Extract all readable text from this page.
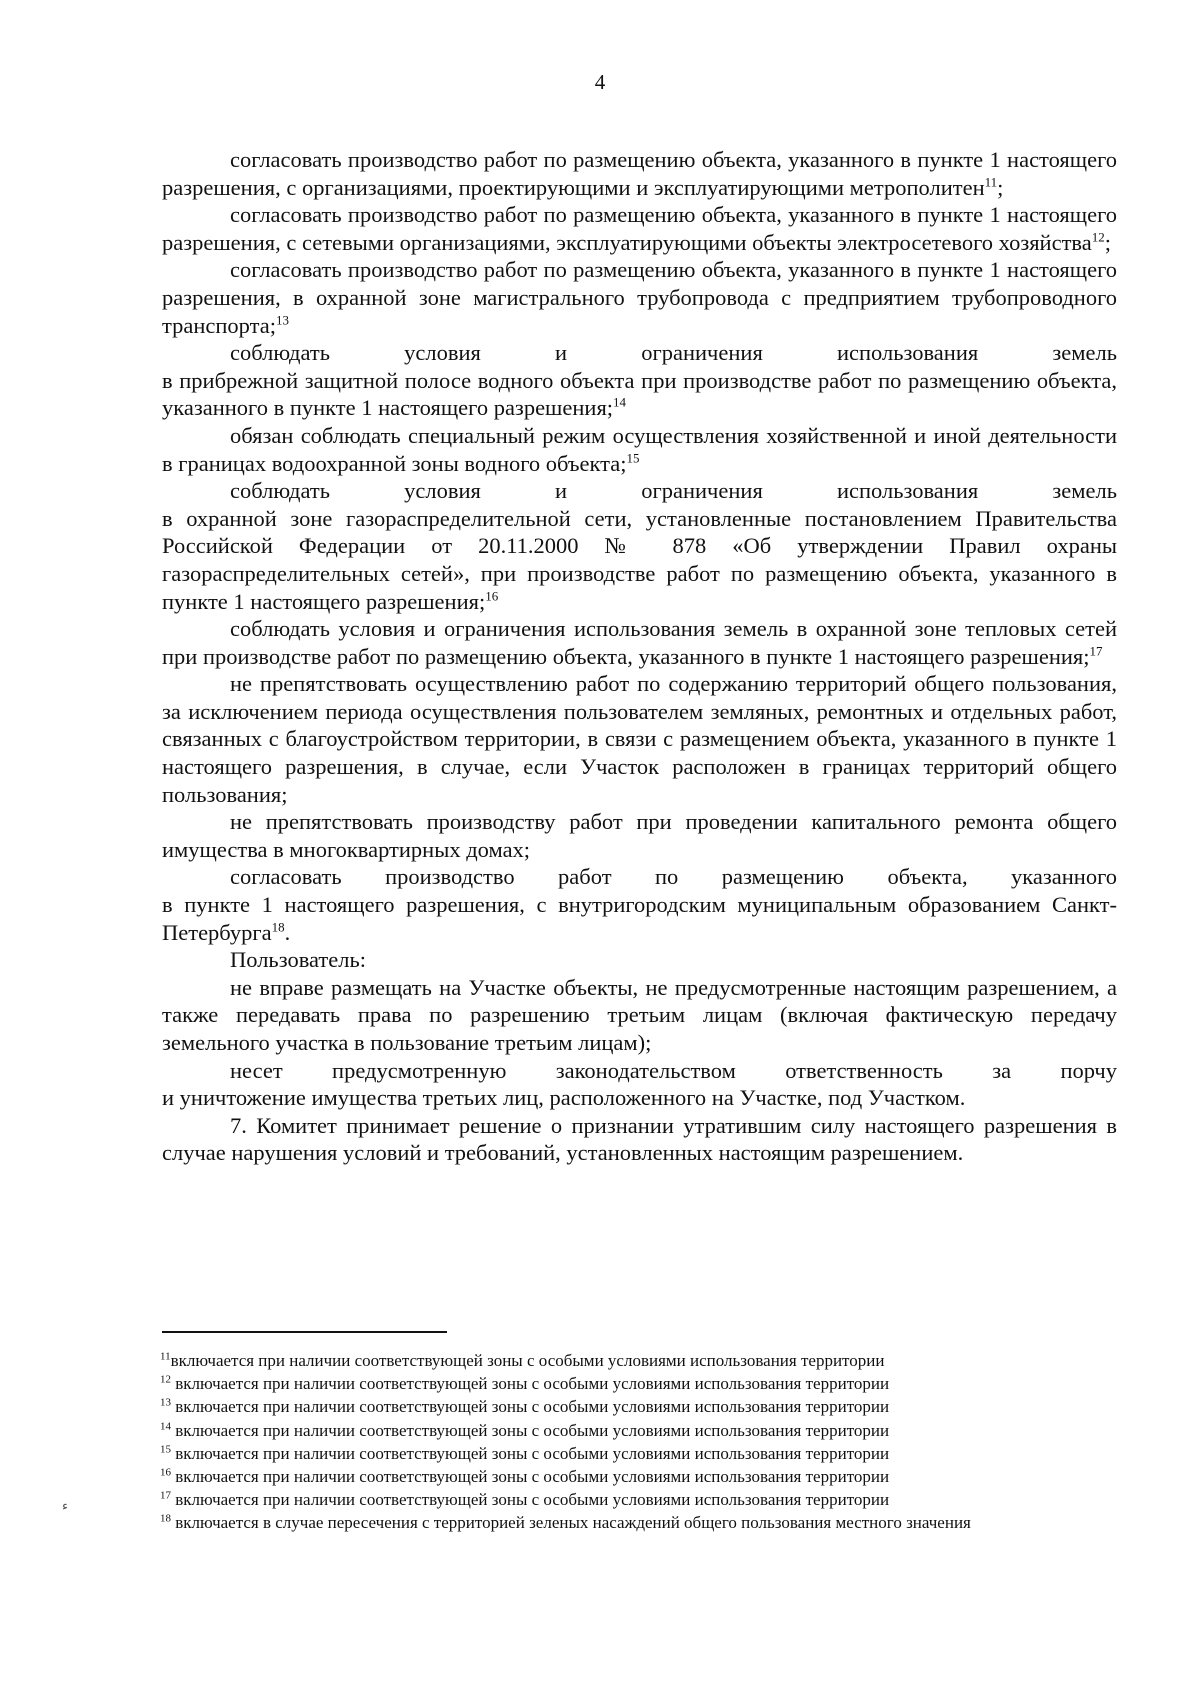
4

согласовать производство работ по размещению объекта, указанного в пункте 1 настоящего разрешения, с организациями, проектирующими и эксплуатирующими метрополитен$^{11}$;

согласовать производство работ по размещению объекта, указанного в пункте 1 настоящего разрешения, с сетевыми организациями, эксплуатирующими объекты электросетевого хозяйства$^{12}$;

согласовать производство работ по размещению объекта, указанного в пункте 1 настоящего разрешения, в охранной зоне магистрального трубопровода с предприятием трубопроводного транспорта;$^{13}$

соблюдать условия и ограничения использования земель

в прибрежной защитной полосе водного объекта при производстве работ по размещению объекта, указанного в пункте 1 настоящего разрешения;$^{14}$

обязан соблюдать специальный режим осуществления хозяйственной и иной деятельности в границах водоохранной зоны водного объекта;$^{15}$

соблюдать условия и ограничения использования земель

в охранной зоне газораспределительной сети, установленные постановлением Правительства Российской Федерации от 20.11.2000 № 878 «Об утверждении Правил охраны газораспределительных сетей», при производстве работ по размещению объекта, указанного в пункте 1 настоящего разрешения;$^{16}$

соблюдать условия и ограничения использования земель в охранной зоне тепловых сетей при производстве работ по размещению объекта, указанного в пункте 1 настоящего разрешения;$^{17}$

не препятствовать осуществлению работ по содержанию территорий общего пользования, за исключением периода осуществления пользователем земляных, ремонтных и отдельных работ, связанных с благоустройством территории, в связи с размещением объекта, указанного в пункте 1 настоящего разрешения, в случае, если Участок расположен в границах территорий общего пользования;

не препятствовать производству работ при проведении капитального ремонта общего имущества в многоквартирных домах;

согласовать производство работ по размещению объекта, указанного

в пункте 1 настоящего разрешения, с внутригородским муниципальным образованием Санкт-Петербурга$^{18}$.

Пользователь:

не вправе размещать на Участке объекты, не предусмотренные настоящим разрешением, а также передавать права по разрешению третьим лицам (включая фактическую передачу земельного участка в пользование третьим лицам);

несет предусмотренную законодательством ответственность за порчу

и уничтожение имущества третьих лиц, расположенного на Участке, под Участком.

7. Комитет принимает решение о признании утратившим силу настоящего разрешения в случае нарушения условий и требований, установленных настоящим разрешением.

$^{11}$включается при наличии соответствующей зоны с особыми условиями использования территории

$^{12}$ включается при наличии соответствующей зоны с особыми условиями использования территории

$^{13}$ включается при наличии соответствующей зоны с особыми условиями использования территории

$^{14}$ включается при наличии соответствующей зоны с особыми условиями использования территории

$^{15}$ включается при наличии соответствующей зоны с особыми условиями использования территории

$^{16}$ включается при наличии соответствующей зоны с особыми условиями использования территории

$^{17}$ включается при наличии соответствующей зоны с особыми условиями использования территории

$^{18}$ включается в случае пересечения с территорией зеленых насаждений общего пользования местного значения

ء
